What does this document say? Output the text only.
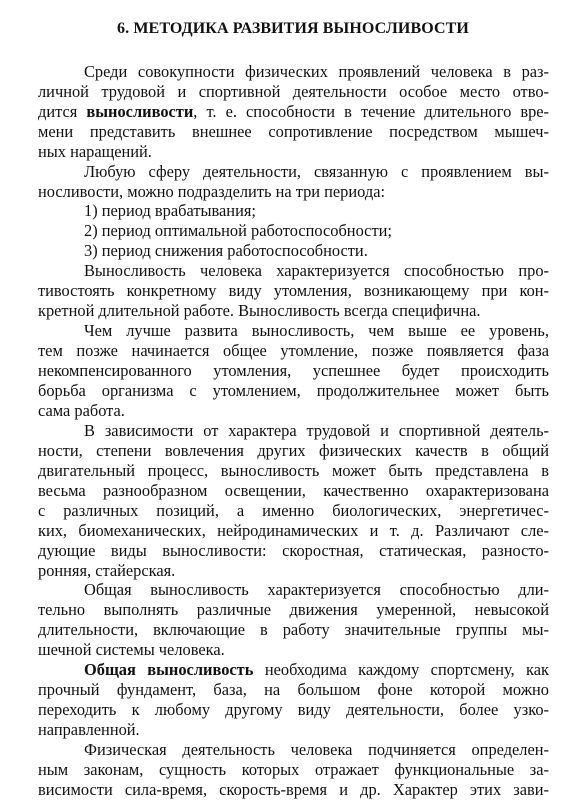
6. МЕТОДИКА РАЗВИТИЯ ВЫНОСЛИВОСТИ
Среди совокупности физических проявлений человека в раз-
личной трудовой и спортивной деятельности особое место отво-
дится выносливости, т. е. способности в течение длительного вре-
мени представить внешнее сопротивление посредством мышеч-
ных наращений.
Любую сферу деятельности, связанную с проявлением вы-
носливости, можно подразделить на три периода:
1) период врабатывания;
2) период оптимальной работоспособности;
3) период снижения работоспособности.
Выносливость человека характеризуется способностью про-
тивостоять конкретному виду утомления, возникающему при кон-
кретной длительной работе. Выносливость всегда специфична.
Чем лучше развита выносливость, чем выше ее уровень,
тем позже начинается общее утомление, позже появляется фаза
некомпенсированного утомления, успешнее будет происходить
борьба организма с утомлением, продолжительнее может быть
сама работа.
В зависимости от характера трудовой и спортивной деятель-
ности, степени вовлечения других физических качеств в общий
двигательный процесс, выносливость может быть представлена в
весьма разнообразном освещении, качественно охарактеризована
с различных позиций, а именно биологических, энергетичес-
ких, биомеханических, нейродинамических и т. д. Различают сле-
дующие виды выносливости: скоростная, статическая, разносто-
ронняя, стайерская.
Общая выносливость характеризуется способностью дли-
тельно выполнять различные движения умеренной, невысокой
длительности, включающие в работу значительные группы мы-
шечной системы человека.
Общая выносливость необходима каждому спортсмену, как
прочный фундамент, база, на большом фоне которой можно
переходить к любому другому виду деятельности, более узко-
направленной.
Физическая деятельность человека подчиняется определен-
ным законам, сущность которых отражает функциональные за-
висимости сила-время, скорость-время и др. Характер этих зави-
